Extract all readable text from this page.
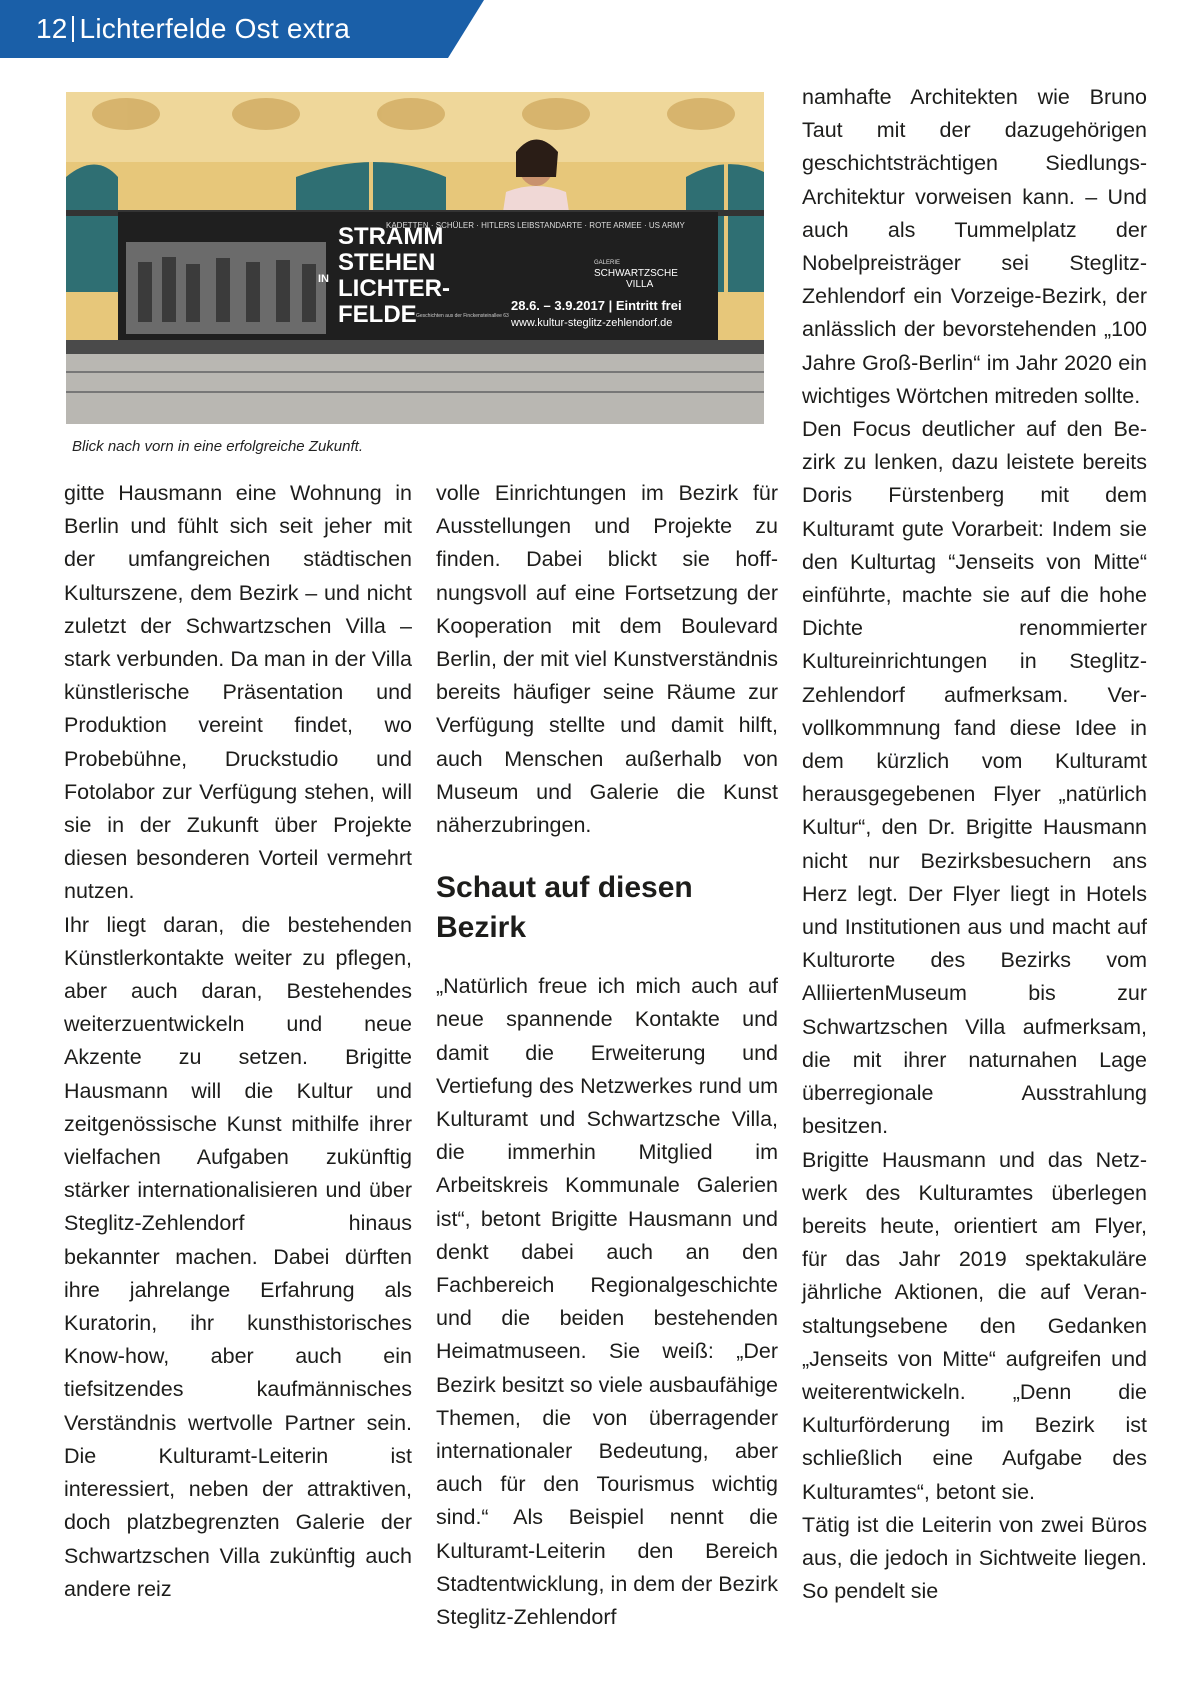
12 Lichterfelde Ost extra
STRAMM
STEHEN
IN LICHTER-
FELDE
KADETTEN · SCHÜLER · HITLERS LEIBSTANDARTE · ROTE ARMEE · US ARMY
GALERIE
SCHWARTZSCHE
VILLA
28.6. – 3.9.2017 | Eintritt frei
www.kultur-steglitz-zehlendorf.de
Geschichten aus der Finckensteinallee 63
Blick nach vorn in eine erfolgreiche Zukunft.

gitte Hausmann eine Wohnung in Berlin und fühlt sich seit jeher mit der umfangreichen städtischen Kulturszene, dem Bezirk – und nicht zuletzt der Schwartzschen Villa – stark verbunden. Da man in der Villa künstlerische Präsentation und Produktion vereint findet, wo Probebühne, Druckstudio und Fotolabor zur Verfügung stehen, will sie in der Zukunft über Projekte diesen besonderen Vorteil vermehrt nutzen.

Ihr liegt daran, die bestehenden Künstlerkontakte weiter zu pflegen, aber auch daran, Bestehendes weiterzuentwickeln und neue Akzente zu setzen. Brigitte Hausmann will die Kultur und zeitgenössische Kunst mithilfe ihrer vielfachen Aufgaben zukünftig stärker internationalisieren und über Steglitz-Zehlendorf hinaus bekannter machen. Dabei dürften ihre jahrelange Erfahrung als Kuratorin, ihr kunsthistorisches Know-how, aber auch ein tiefsitzendes kaufmännisches Verständnis wertvolle Partner sein. Die Kulturamt-Leiterin ist interessiert, neben der attraktiven, doch platzbegrenzten Galerie der Schwartzschen Villa zukünftig auch andere reiz

volle Einrichtungen im Bezirk für Ausstellungen und Projekte zu finden. Dabei blickt sie hoffnungsvoll auf eine Fortsetzung der Kooperation mit dem Boulevard Berlin, der mit viel Kunstverständnis bereits häufiger seine Räume zur Verfügung stellte und damit hilft, auch Menschen außerhalb von Museum und Galerie die Kunst näherzubringen.

Schaut auf diesen Bezirk

„Natürlich freue ich mich auch auf neue spannende Kontakte und damit die Erweiterung und Vertiefung des Netzwerkes rund um Kulturamt und Schwartzsche Villa, die immerhin Mitglied im Arbeitskreis Kommunale Galerien ist“, betont Brigitte Hausmann und denkt dabei auch an den Fachbereich Regionalgeschichte und die beiden bestehenden Heimatmuseen. Sie weiß: „Der Bezirk besitzt so viele ausbaufähige Themen, die von überragender internationaler Bedeutung, aber auch für den Tourismus wichtig sind.“ Als Beispiel nennt die Kulturamt-Leiterin den Bereich Stadtentwicklung, in dem der Bezirk Steglitz-Zehlendorf

namhafte Architekten wie Bruno Taut mit der dazugehörigen geschichtsträchtigen Siedlungs-Architektur vorweisen kann. – Und auch als Tummelplatz der Nobelpreisträger sei Steglitz-Zehlendorf ein Vorzeige-Bezirk, der anlässlich der bevorstehenden „100 Jahre Groß-Berlin“ im Jahr 2020 ein wichtiges Wörtchen mitreden sollte.

Den Focus deutlicher auf den Bezirk zu lenken, dazu leistete bereits Doris Fürstenberg mit dem Kulturamt gute Vorarbeit: Indem sie den Kulturtag “Jenseits von Mitte“ einführte, machte sie auf die hohe Dichte renommierter Kultureinrichtungen in Steglitz-Zehlendorf aufmerksam. Vervollkommnung fand diese Idee in dem kürzlich vom Kulturamt herausgegebenen Flyer „natürlich Kultur“, den Dr. Brigitte Hausmann nicht nur Bezirksbesuchern ans Herz legt. Der Flyer liegt in Hotels und Institutionen aus und macht auf Kulturorte des Bezirks vom AlliiertenMuseum bis zur Schwartzschen Villa aufmerksam, die mit ihrer naturnahen Lage überregionale Ausstrahlung besitzen.

Brigitte Hausmann und das Netzwerk des Kulturamtes überlegen bereits heute, orientiert am Flyer, für das Jahr 2019 spektakuläre jährliche Aktionen, die auf Veranstaltungsebene den Gedanken „Jenseits von Mitte“ aufgreifen und weiterentwickeln. „Denn die Kulturförderung im Bezirk ist schließlich eine Aufgabe des Kulturamtes“, betont sie.

Tätig ist die Leiterin von zwei Büros aus, die jedoch in Sichtweite liegen. So pendelt sie
